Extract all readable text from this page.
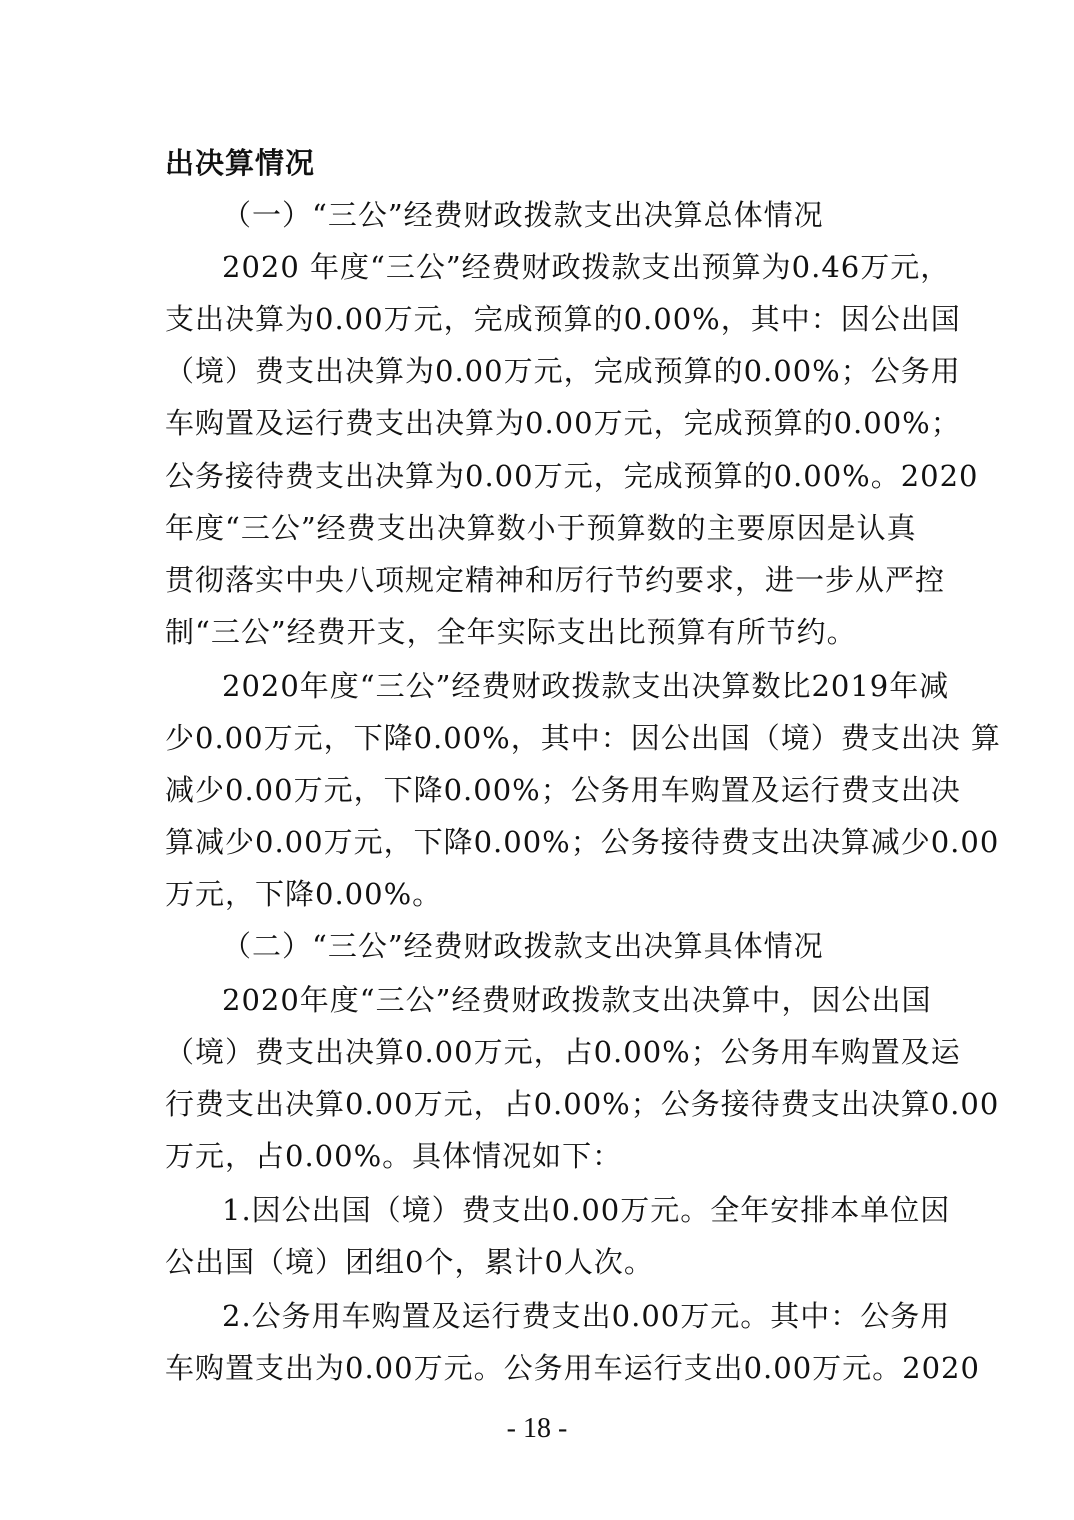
出决算情况
（一）“三公”经费财政拨款支出决算总体情况
2020 年度“三公”经费财政拨款支出预算为0.46万元，
支出决算为0.00万元，完成预算的0.00%，其中：因公出国
（境）费支出决算为0.00万元，完成预算的0.00%；公务用
车购置及运行费支出决算为0.00万元，完成预算的0.00%；
公务接待费支出决算为0.00万元，完成预算的0.00%。2020
年度“三公”经费支出决算数小于预算数的主要原因是认真
贯彻落实中央八项规定精神和厉行节约要求，进一步从严控
制“三公”经费开支，全年实际支出比预算有所节约。
2020年度“三公”经费财政拨款支出决算数比2019年减
少0.00万元，下降0.00%，其中：因公出国（境）费支出决 算
减少0.00万元，下降0.00%；公务用车购置及运行费支出决
算减少0.00万元，下降0.00%；公务接待费支出决算减少0.00
万元，下降0.00%。
（二）“三公”经费财政拨款支出决算具体情况
2020年度“三公”经费财政拨款支出决算中，因公出国
（境）费支出决算0.00万元，占0.00%；公务用车购置及运
行费支出决算0.00万元，占0.00%；公务接待费支出决算0.00
万元，占0.00%。具体情况如下：
1.因公出国（境）费支出0.00万元。全年安排本单位因
公出国（境）团组0个，累计0人次。
2.公务用车购置及运行费支出0.00万元。其中：公务用
车购置支出为0.00万元。公务用车运行支出0.00万元。2020
- 18 -
